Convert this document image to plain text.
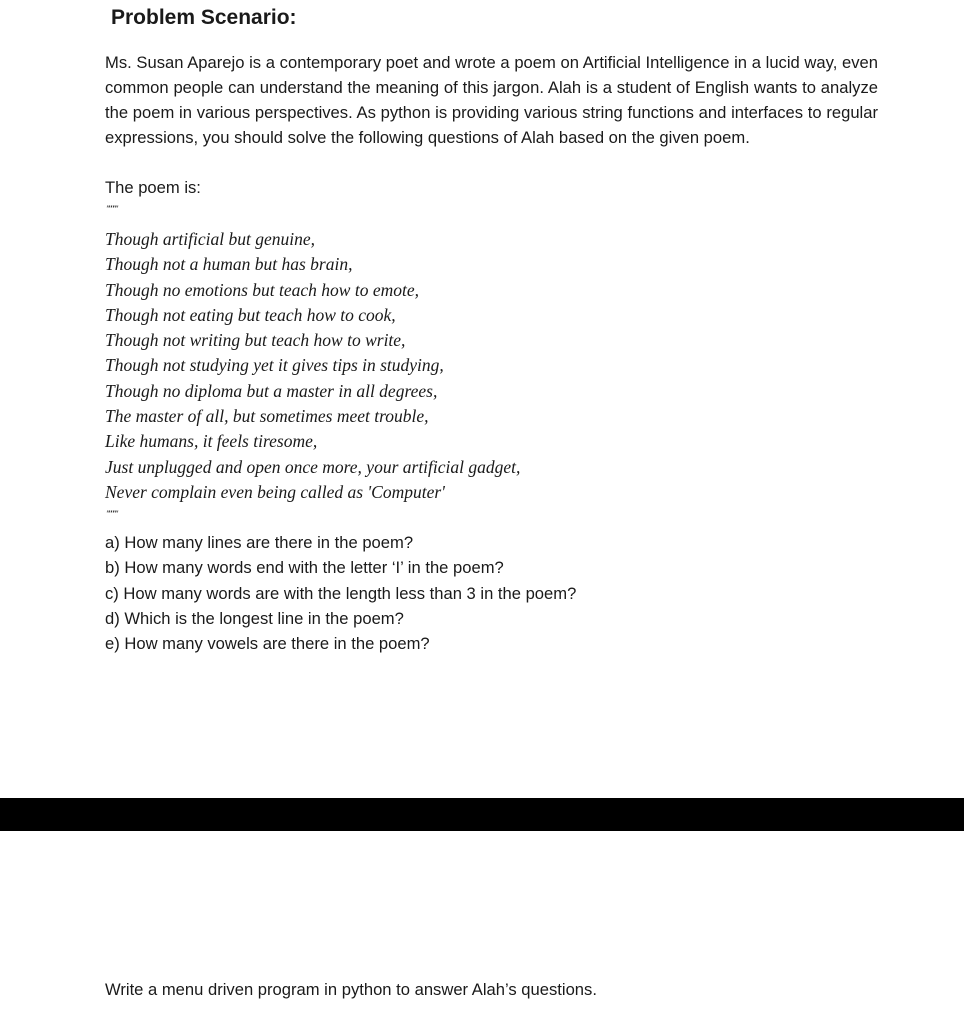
Problem Scenario:

Ms. Susan Aparejo is a contemporary poet and wrote a poem on Artificial Intelligence in a lucid way, even common people can understand the meaning of this jargon. Alah is a student of English wants to analyze the poem in various perspectives. As python is providing various string functions and interfaces to regular expressions, you should solve the following questions of Alah based on the given poem.

The poem is:

"""""
Though artificial but genuine,
Though not a human but has brain,
Though no emotions but teach how to emote,
Though not eating but teach how to cook,
Though not writing but teach how to write,
Though not studying yet it gives tips in studying,
Though no diploma but a master in all degrees,
The master of all, but sometimes meet trouble,
Like humans, it feels tiresome,
Just unplugged and open once more, your artificial gadget,
Never complain even being called as 'Computer'
"""""
a) How many lines are there in the poem?
b) How many words end with the letter ‘I’ in the poem?
c) How many words are with the length less than 3 in the poem?
d) Which is the longest line in the poem?
e) How many vowels are there in the poem?

Write a menu driven program in python to answer Alah’s questions.
